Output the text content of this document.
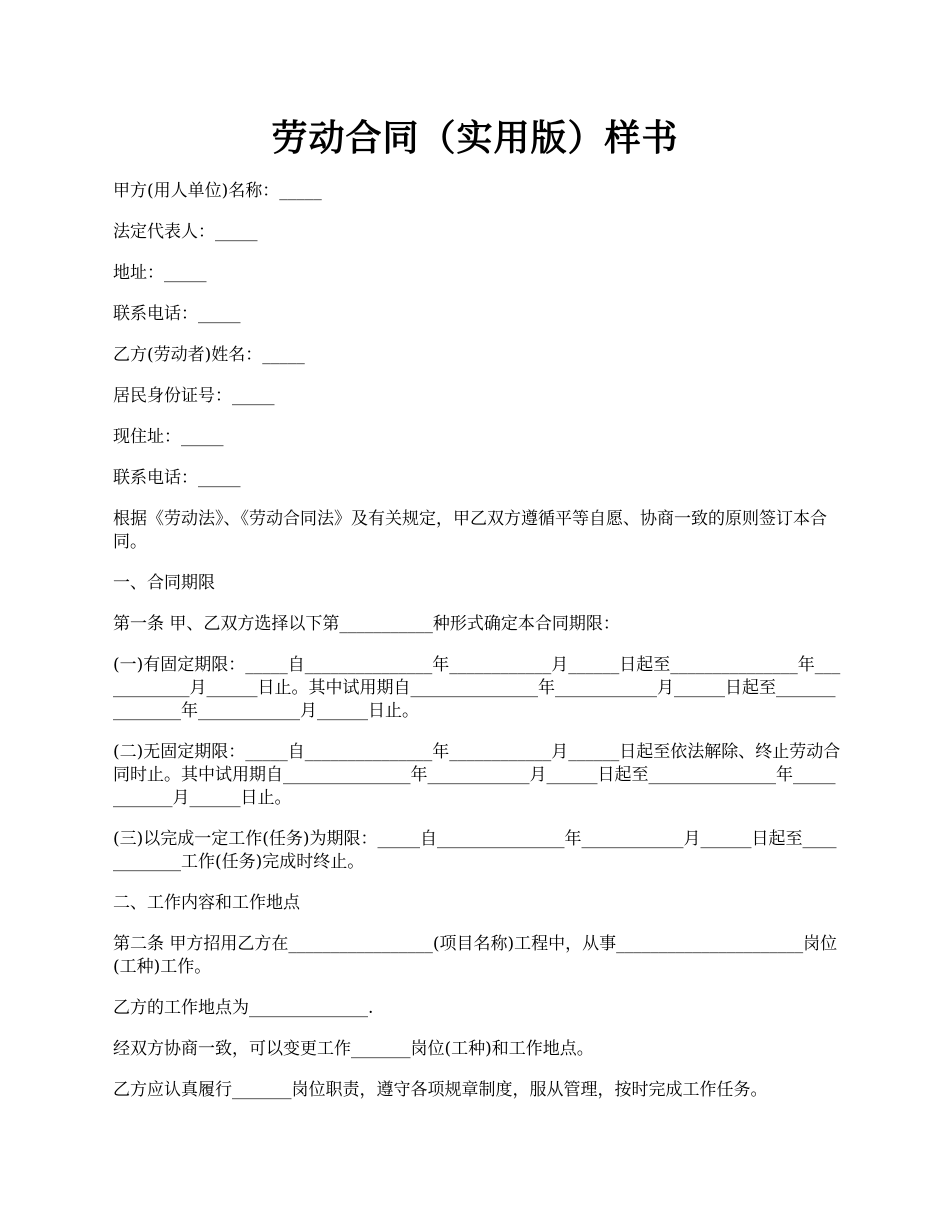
劳动合同（实用版）样书

甲方(用人单位)名称：_____

法定代表人：_____

地址：_____

联系电话：_____

乙方(劳动者)姓名：_____

居民身份证号：_____

现住址：_____

联系电话：_____

根据《劳动法》、《劳动合同法》及有关规定，甲乙双方遵循平等自愿、协商一致的原则签订本合同。

一、合同期限

第一条 甲、乙双方选择以下第___________种形式确定本合同期限：

(一)有固定期限：_____自_______________年____________月______日起至_______________年____________月______日止。其中试用期自_______________年____________月______日起至_______________年____________月______日止。

(二)无固定期限：_____自_______________年____________月______日起至依法解除、终止劳动合同时止。其中试用期自_______________年____________月______日起至_______________年____________月______日止。

(三)以完成一定工作(任务)为期限：_____自_______________年____________月______日起至____________工作(任务)完成时终止。

二、工作内容和工作地点

第二条 甲方招用乙方在_________________(项目名称)工程中，从事______________________岗位(工种)工作。

乙方的工作地点为______________.

经双方协商一致，可以变更工作_______岗位(工种)和工作地点。

乙方应认真履行_______岗位职责，遵守各项规章制度，服从管理，按时完成工作任务。
